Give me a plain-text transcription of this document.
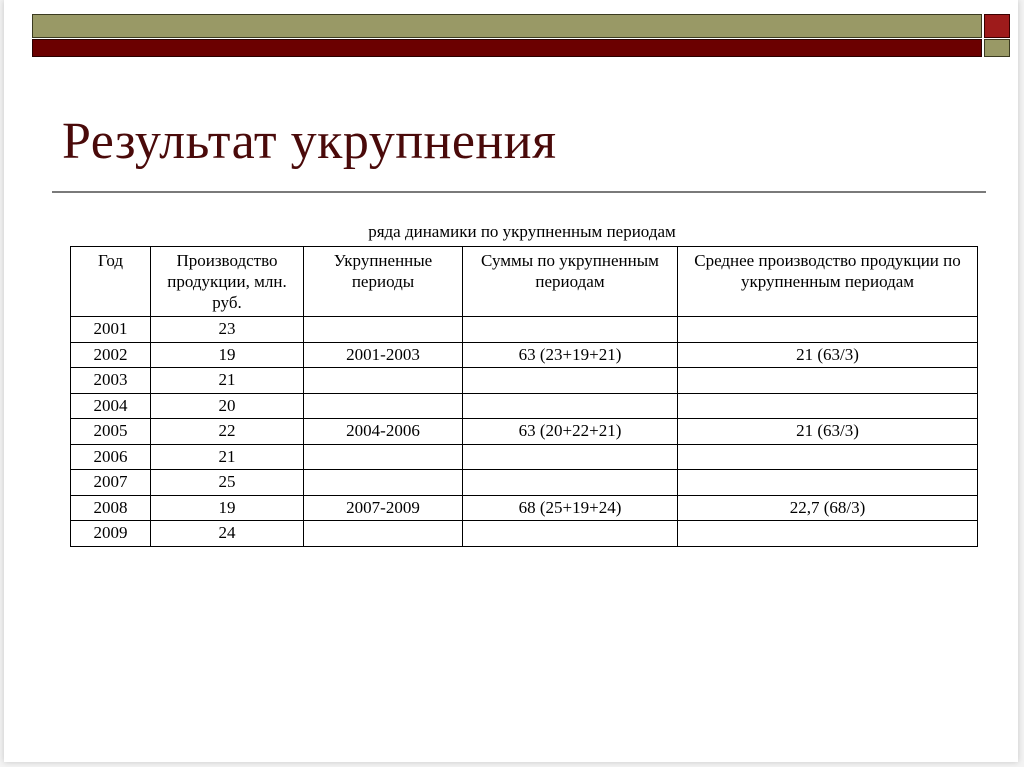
Результат укрупнения
ряда динамики по укрупненным периодам
Год	Производство продукции, млн. руб.	Укрупненные периоды	Суммы по укрупненным периодам	Среднее производство продукции по укрупненным периодам
2001	23			
2002	19	2001-2003	63 (23+19+21)	21 (63/3)
2003	21			
2004	20			
2005	22	2004-2006	63 (20+22+21)	21 (63/3)
2006	21			
2007	25			
2008	19	2007-2009	68 (25+19+24)	22,7 (68/3)
2009	24			
